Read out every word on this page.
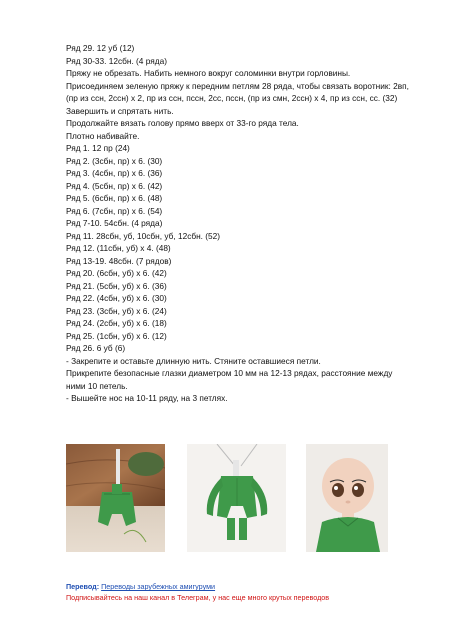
Ряд 29. 12 уб (12)
Ряд 30-33. 12сбн. (4 ряда)
Пряжу не обрезать. Набить немного вокруг соломинки внутри горловины.
Присоединяем зеленую пряжу к передним петлям 28 ряда, чтобы связать воротник: 2вп, (пр из ссн, 2ссн) х 2, пр из ссн, пссн, 2сс, пссн, (пр из смн, 2ссн) х 4, пр из ссн, сс. (32)
Завершить и спрятать нить.
Продолжайте вязать голову прямо вверх от 33-го ряда тела.
Плотно набивайте.
Ряд 1. 12 пр (24)
Ряд 2. (3сбн, пр) х 6. (30)
Ряд 3. (4сбн, пр) х 6. (36)
Ряд 4. (5сбн, пр) х 6. (42)
Ряд 5. (6сбн, пр) х 6. (48)
Ряд 6. (7сбн, пр) х 6. (54)
Ряд 7-10. 54сбн. (4 ряда)
Ряд 11. 28сбн, уб, 10сбн, уб, 12сбн. (52)
Ряд 12. (11сбн, уб) х 4. (48)
Ряд 13-19. 48сбн. (7 рядов)
Ряд 20. (6сбн, уб) х 6. (42)
Ряд 21. (5сбн, уб) х 6. (36)
Ряд 22. (4сбн, уб) х 6. (30)
Ряд 23. (3сбн, уб) х 6. (24)
Ряд 24. (2сбн, уб) х 6. (18)
Ряд 25. (1сбн, уб) х 6. (12)
Ряд 26. 6 уб (6)
- Закрепите и оставьте длинную нить. Стяните оставшиеся петли.
Прикрепите безопасные глазки диаметром 10 мм на 12-13 рядах, расстояние между ними 10 петель.
- Вышейте нос на 10-11 ряду, на 3 петлях.
Перевод: Переводы зарубежных амигуруми
Подписывайтесь на наш канал в Телеграм, у нас еще много крутых переводов
